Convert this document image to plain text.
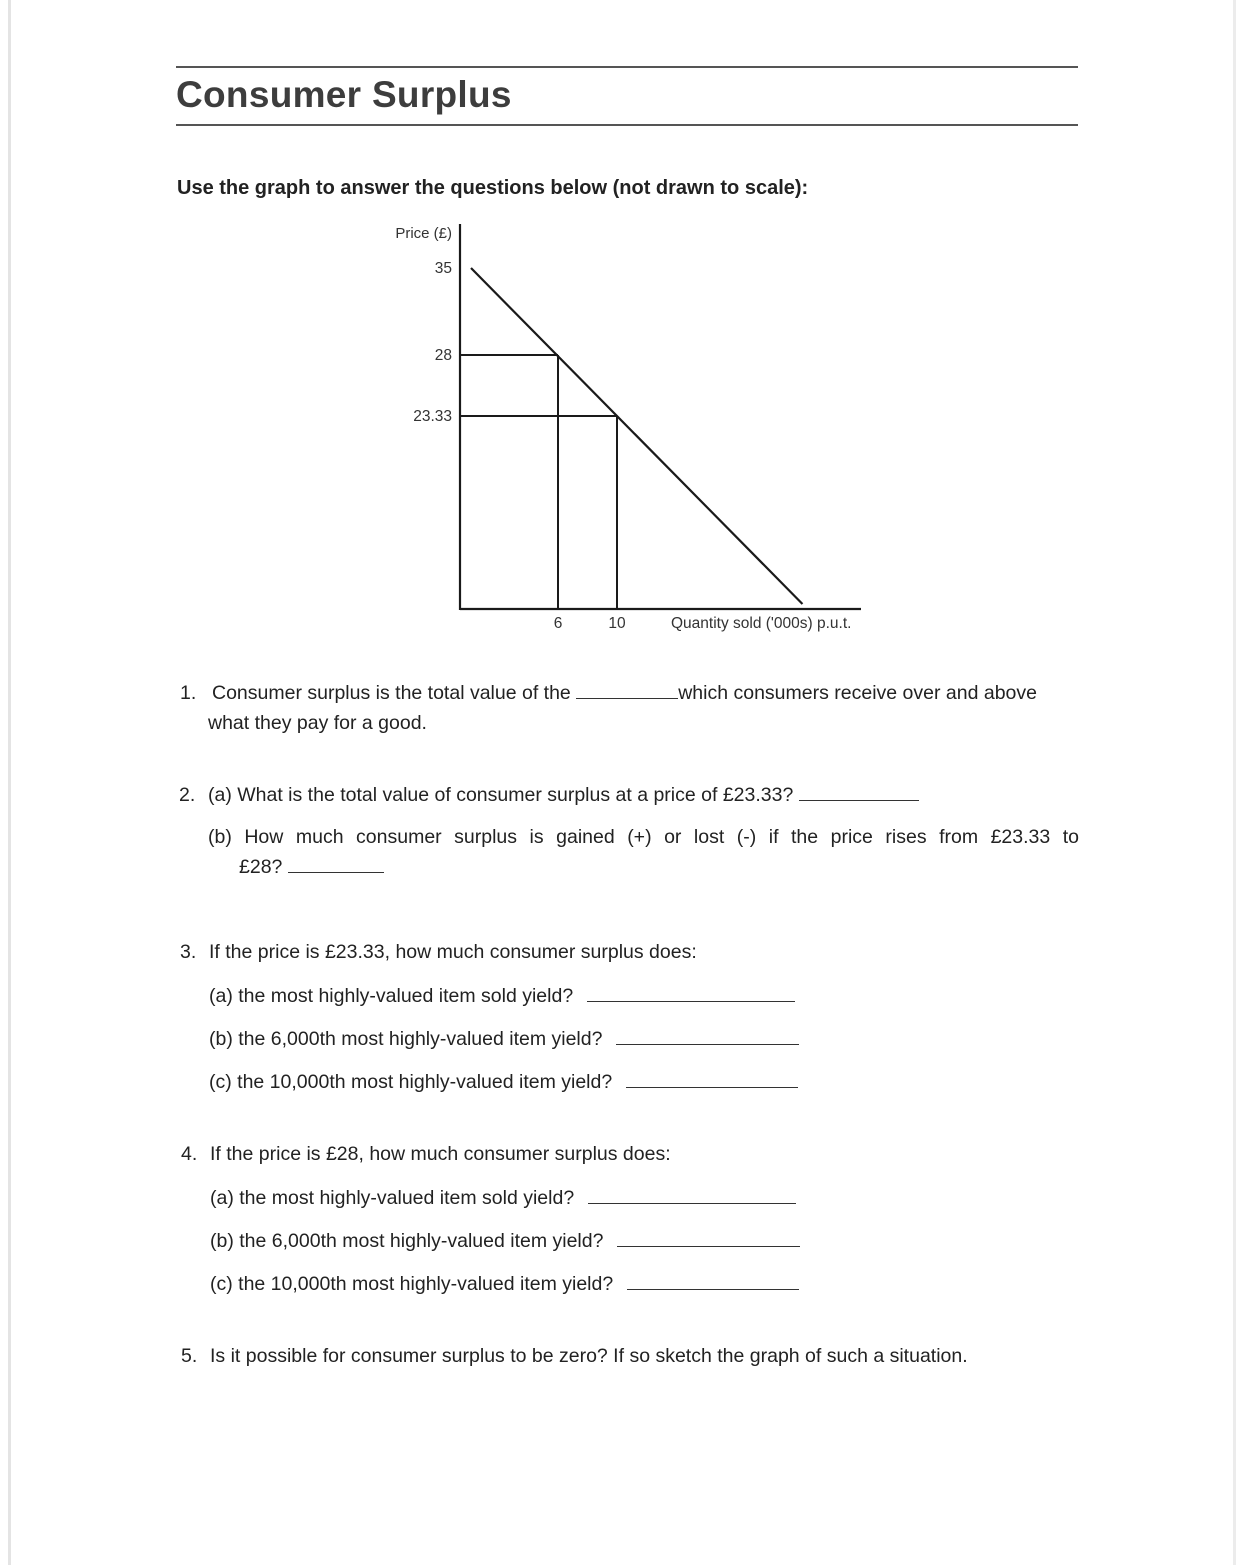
Consumer Surplus
Use the graph to answer the questions below (not drawn to scale):
Price (£)
35
28
23.33
6	10	Quantity sold ('000s) p.u.t.
1. Consumer surplus is the total value of the	which consumers receive over and above
what they pay for a good.
2. (a) What is the total value of consumer surplus at a price of £23.33?
(b) How much consumer surplus is gained (+) or lost (-) if the price rises from £23.33 to
£28?
3. If the price is £23.33, how much consumer surplus does:
(a) the most highly-valued item sold yield?
(b) the 6,000th most highly-valued item yield?
(c) the 10,000th most highly-valued item yield?
4. If the price is £28, how much consumer surplus does:
(a) the most highly-valued item sold yield?
(b) the 6,000th most highly-valued item yield?
(c) the 10,000th most highly-valued item yield?
5. Is it possible for consumer surplus to be zero? If so sketch the graph of such a situation.
